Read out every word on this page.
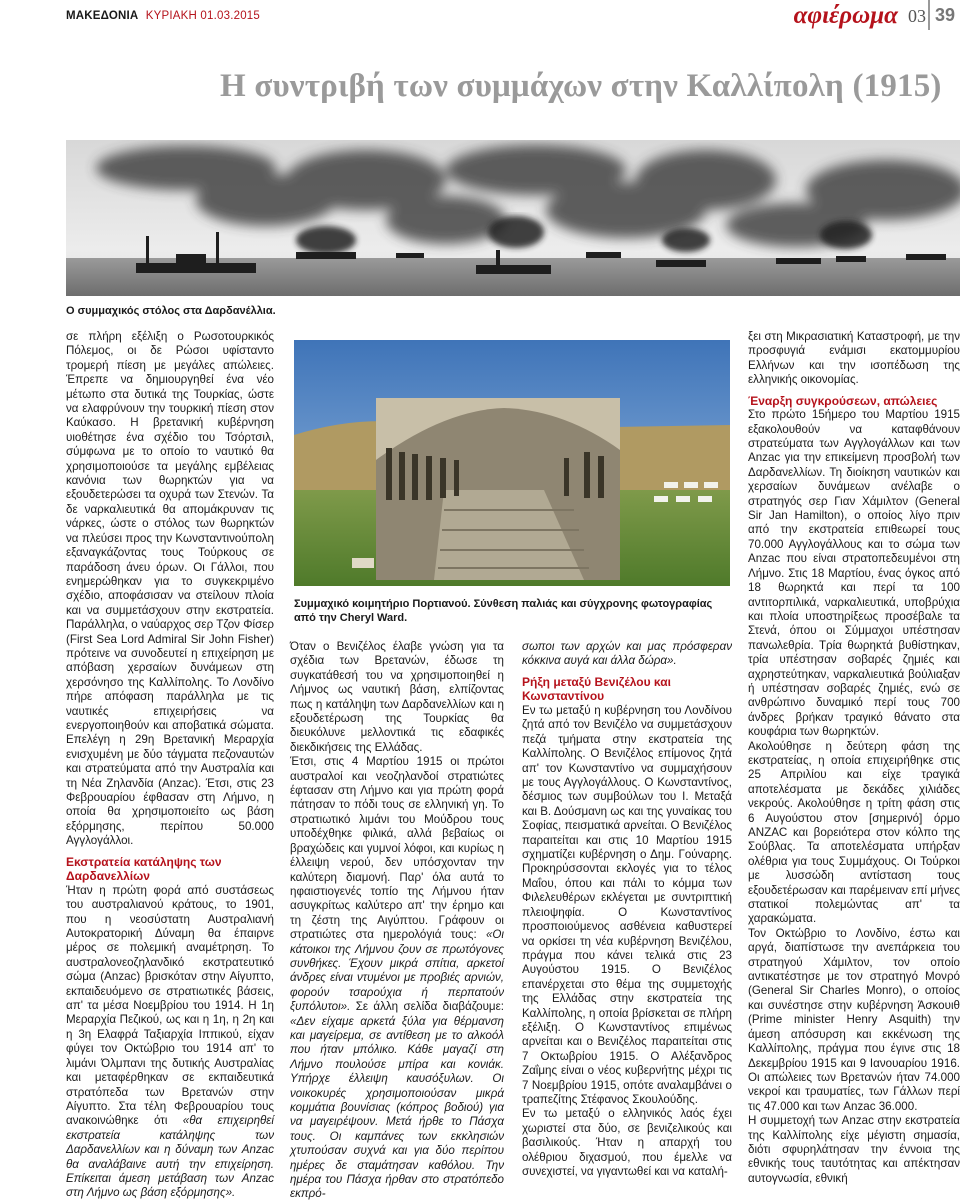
ΜΑΚΕΔΟΝΙΑ ΚΥΡΙΑΚΗ 01.03.2015	αφιέρωμα 03 39
Η συντριβή των συμμάχων στην Καλλίπολη (1915)
Ο συμμαχικός στόλος στα Δαρδανέλλια.
Συμμαχικό κοιμητήριο Πορτιανού. Σύνθεση παλιάς και σύγχρονης φωτογραφίας από την Cheryl Ward.

σε πλήρη εξέλιξη ο Ρωσοτουρκικός Πόλεμος, οι δε Ρώσοι υφίσταντο τρομερή πίεση με μεγάλες απώλειες. Έπρεπε να δημιουργηθεί ένα νέο μέτωπο στα δυτικά της Τουρκίας, ώστε να ελαφρύνουν την τουρκική πίεση στον Καύκασο. Η βρετανική κυβέρνηση υιοθέτησε ένα σχέδιο του Τσόρτσιλ, σύμφωνα με το οποίο το ναυτικό θα χρησιμοποιούσε τα μεγάλης εμβέλειας κανόνια των θωρηκτών για να εξουδετερώσει τα οχυρά των Στενών. Τα δε ναρκαλιευτικά θα απομάκρυναν τις νάρκες, ώστε ο στόλος των θωρηκτών να πλεύσει προς την Κωνσταντινούπολη εξαναγκάζοντας τους Τούρκους σε παράδοση άνευ όρων. Οι Γάλλοι, που ενημερώθηκαν για το συγκεκριμένο σχέδιο, αποφάσισαν να στείλουν πλοία και να συμμετάσχουν στην εκστρατεία. Παράλληλα, ο ναύαρχος σερ Τζον Φίσερ (First Sea Lord Admiral Sir John Fisher) πρότεινε να συνοδευτεί η επιχείρηση με απόβαση χερσαίων δυνάμεων στη χερσόνησο της Καλλίπολης. Το Λονδίνο πήρε απόφαση παράλληλα με τις ναυτικές επιχειρήσεις να ενεργοποιηθούν και αποβατικά σώματα. Επελέγη η 29η Βρετανική Μεραρχία ενισχυμένη με δύο τάγματα πεζοναυτών και στρατεύματα από την Αυστραλία και τη Νέα Ζηλανδία (Anzac). Έτσι, στις 23 Φεβρουαρίου έφθασαν στη Λήμνο, η οποία θα χρησιμοποιείτο ως βάση εξόρμησης, περίπου 50.000 Αγγλογάλλοι.

Εκστρατεία κατάληψης των Δαρδανελλίων

Ήταν η πρώτη φορά από συστάσεως του αυστραλιανού κράτους, το 1901, που η νεοσύστατη Αυστραλιανή Αυτοκρατορική Δύναμη θα έπαιρνε μέρος σε πολεμική αναμέτρηση. Το αυστραλονεοζηλανδικό εκστρατευτικό σώμα (Anzac) βρισκόταν στην Αίγυπτο, εκπαιδευόμενο σε στρατιωτικές βάσεις, απ' τα μέσα Νοεμβρίου του 1914. Η 1η Μεραρχία Πεζικού, ως και η 1η, η 2η και η 3η Ελαφρά Ταξιαρχία Ιππικού, είχαν φύγει τον Οκτώβριο του 1914 απ' το λιμάνι Όλμπανι της δυτικής Αυστραλίας και μεταφέρθηκαν σε εκπαιδευτικά στρατόπεδα των Βρετανών στην Αίγυπτο. Στα τέλη Φεβρουαρίου τους ανακοινώθηκε ότι «θα επιχειρηθεί εκστρατεία κατάληψης των Δαρδανελλίων και η δύναμη των Anzac θα αναλάβαινε αυτή την επιχείρηση. Επίκειται άμεση μετάβαση των Anzac στη Λήμνο ως βάση εξόρμησης».

Όταν ο Βενιζέλος έλαβε γνώση για τα σχέδια των Βρετανών, έδωσε τη συγκατάθεσή του να χρησιμοποιηθεί η Λήμνος ως ναυτική βάση, ελπίζοντας πως η κατάληψη των Δαρδανελλίων και η εξουδετέρωση της Τουρκίας θα διευκόλυνε μελλοντικά τις εδαφικές διεκδικήσεις της Ελλάδας.

Έτσι, στις 4 Μαρτίου 1915 οι πρώτοι αυστραλοί και νεοζηλανδοί στρατιώτες έφτασαν στη Λήμνο και για πρώτη φορά πάτησαν το πόδι τους σε ελληνική γη. Το στρατιωτικό λιμάνι του Μούδρου τους υποδέχθηκε φιλικά, αλλά βεβαίως οι βραχώδεις και γυμνοί λόφοι, και κυρίως η έλλειψη νερού, δεν υπόσχονταν την καλύτερη διαμονή. Παρ' όλα αυτά το ηφαιστιογενές τοπίο της Λήμνου ήταν ασυγκρίτως καλύτερο απ' την έρημο και τη ζέστη της Αιγύπτου. Γράφουν οι στρατιώτες στα ημερολόγιά τους: «Οι κάτοικοι της Λήμνου ζουν σε πρωτόγονες συνθήκες. Έχουν μικρά σπίτια, αρκετοί άνδρες είναι ντυμένοι με προβιές αρνιών, φορούν τσαρούχια ή περπατούν ξυπόλυτοι». Σε άλλη σελίδα διαβάζουμε: «Δεν είχαμε αρκετά ξύλα για θέρμανση και μαγείρεμα, σε αντίθεση με το αλκοόλ που ήταν μπόλικο. Κάθε μαγαζί στη Λήμνο πουλούσε μπίρα και κονιάκ. Υπήρχε έλλειψη καυσόξυλων. Οι νοικοκυρές χρησιμοποιούσαν μικρά κομμάτια βουνίσιας (κόπρος βοδιού) για να μαγειρέψουν. Μετά ήρθε το Πάσχα τους. Οι καμπάνες των εκκλησιών χτυπούσαν συχνά και για δύο περίπου ημέρες δε σταμάτησαν καθόλου. Την ημέρα του Πάσχα ήρθαν στο στρατόπεδο εκπρό-

σωποι των αρχών και μας πρόσφεραν κόκκινα αυγά και άλλα δώρα».

Ρήξη μεταξύ Βενιζέλου και Κωνσταντίνου

Εν τω μεταξύ η κυβέρνηση του Λονδίνου ζητά από τον Βενιζέλο να συμμετάσχουν πεζά τμήματα στην εκστρατεία της Καλλίπολης. Ο Βενιζέλος επίμονος ζητά απ' τον Κωνσταντίνο να συμμαχήσουν με τους Αγγλογάλλους. Ο Κωνσταντίνος, δέσμιος των συμβούλων του Ι. Μεταξά και Β. Δούσμανη ως και της γυναίκας του Σοφίας, πεισματικά αρνείται. Ο Βενιζέλος παραιτείται και στις 10 Μαρτίου 1915 σχηματίζει κυβέρνηση ο Δημ. Γούναρης. Προκηρύσσονται εκλογές για το τέλος Μαΐου, όπου και πάλι το κόμμα των Φιλελευθέρων εκλέγεται με συντριπτική πλειοψηφία. Ο Κωνσταντίνος προσποιούμενος ασθένεια καθυστερεί να ορκίσει τη νέα κυβέρνηση Βενιζέλου, πράγμα που κάνει τελικά στις 23 Αυγούστου 1915. Ο Βενιζέλος επανέρχεται στο θέμα της συμμετοχής της Ελλάδας στην εκστρατεία της Καλλίπολης, η οποία βρίσκεται σε πλήρη εξέλιξη. Ο Κωνσταντίνος επιμένως αρνείται και ο Βενιζέλος παραιτείται στις 7 Οκτωβρίου 1915. Ο Αλέξανδρος Ζαΐμης είναι ο νέος κυβερνήτης μέχρι τις 7 Νοεμβρίου 1915, οπότε αναλαμβάνει ο τραπεζίτης Στέφανος Σκουλούδης.

Εν τω μεταξύ ο ελληνικός λαός έχει χωριστεί στα δύο, σε βενιζελικούς και βασιλικούς. Ήταν η απαρχή του ολέθριου διχασμού, που έμελλε να συνεχιστεί, να γιγαντωθεί και να καταλή-

ξει στη Μικρασιατική Καταστροφή, με την προσφυγιά ενάμισι εκατομμυρίου Ελλήνων και την ισοπέδωση της ελληνικής οικονομίας.

Έναρξη συγκρούσεων, απώλειες

Στο πρώτο 15ήμερο του Μαρτίου 1915 εξακολουθούν να καταφθάνουν στρατεύματα των Αγγλογάλλων και των Anzac για την επικείμενη προσβολή των Δαρδανελλίων. Τη διοίκηση ναυτικών και χερσαίων δυνάμεων ανέλαβε ο στρατηγός σερ Γιαν Χάμιλτον (General Sir Jan Hamilton), ο οποίος λίγο πριν από την εκστρατεία επιθεωρεί τους 70.000 Αγγλογάλλους και το σώμα των Anzac που είναι στρατοπεδευμένοι στη Λήμνο. Στις 18 Μαρτίου, ένας όγκος από 18 θωρηκτά και περί τα 100 αντιτορπιλικά, ναρκαλιευτικά, υποβρύχια και πλοία υποστηρίξεως προσέβαλε τα Στενά, όπου οι Σύμμαχοι υπέστησαν πανωλεθρία. Τρία θωρηκτά βυθίστηκαν, τρία υπέστησαν σοβαρές ζημιές και αχρηστεύτηκαν, ναρκαλιευτικά βούλιαξαν ή υπέστησαν σοβαρές ζημιές, ενώ σε ανθρώπινο δυναμικό περί τους 700 άνδρες βρήκαν τραγικό θάνατο στα κουφάρια των θωρηκτών.

Ακολούθησε η δεύτερη φάση της εκστρατείας, η οποία επιχειρήθηκε στις 25 Απριλίου και είχε τραγικά αποτελέσματα με δεκάδες χιλιάδες νεκρούς. Ακολούθησε η τρίτη φάση στις 6 Αυγούστου στον [σημερινό] όρμο ΑΝΖΑC και βορειότερα στον κόλπο της Σούβλας. Τα αποτελέσματα υπήρξαν ολέθρια για τους Συμμάχους. Οι Τούρκοι με λυσσώδη αντίσταση τους εξουδετέρωσαν και παρέμειναν επί μήνες στατικοί πολεμώντας απ' τα χαρακώματα.

Τον Οκτώβριο το Λονδίνο, έστω και αργά, διαπίστωσε την ανεπάρκεια του στρατηγού Χάμιλτον, τον οποίο αντικατέστησε με τον στρατηγό Μονρό (General Sir Charles Monro), ο οποίος και συνέστησε στην κυβέρνηση Άσκουιθ (Prime minister Henry Asquith) την άμεση απόσυρση και εκκένωση της Καλλίπολης, πράγμα που έγινε στις 18 Δεκεμβρίου 1915 και 9 Ιανουαρίου 1916. Οι απώλειες των Βρετανών ήταν 74.000 νεκροί και τραυματίες, των Γάλλων περί τις 47.000 και των Anzac 36.000.

Η συμμετοχή των Anzac στην εκστρατεία της Καλλίπολης είχε μέγιστη σημασία, διότι σφυρηλάτησαν την έννοια της εθνικής τους ταυτότητας και απέκτησαν αυτογνωσία, εθνική
